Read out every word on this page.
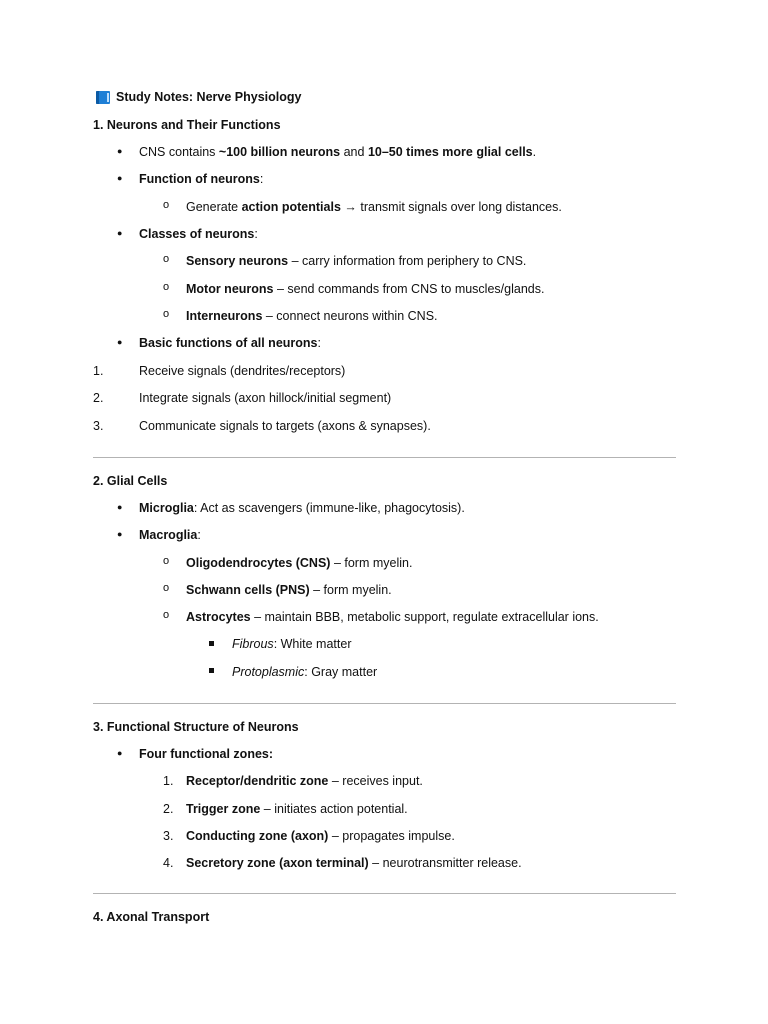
Study Notes: Nerve Physiology
1. Neurons and Their Functions
● CNS contains ~100 billion neurons and 10–50 times more glial cells.
● Function of neurons:
o Generate action potentials → transmit signals over long distances.
● Classes of neurons:
o Sensory neurons – carry information from periphery to CNS.
o Motor neurons – send commands from CNS to muscles/glands.
o Interneurons – connect neurons within CNS.
● Basic functions of all neurons:
1.	Receive signals (dendrites/receptors)
2.	Integrate signals (axon hillock/initial segment)
3.	Communicate signals to targets (axons & synapses).
2. Glial Cells
● Microglia: Act as scavengers (immune-like, phagocytosis).
● Macroglia:
o Oligodendrocytes (CNS) – form myelin.
o Schwann cells (PNS) – form myelin.
o Astrocytes – maintain BBB, metabolic support, regulate extracellular ions.
Fibrous: White matter
Protoplasmic: Gray matter
3. Functional Structure of Neurons
● Four functional zones:
1. Receptor/dendritic zone – receives input.
2. Trigger zone – initiates action potential.
3. Conducting zone (axon) – propagates impulse.
4. Secretory zone (axon terminal) – neurotransmitter release.
4. Axonal Transport
